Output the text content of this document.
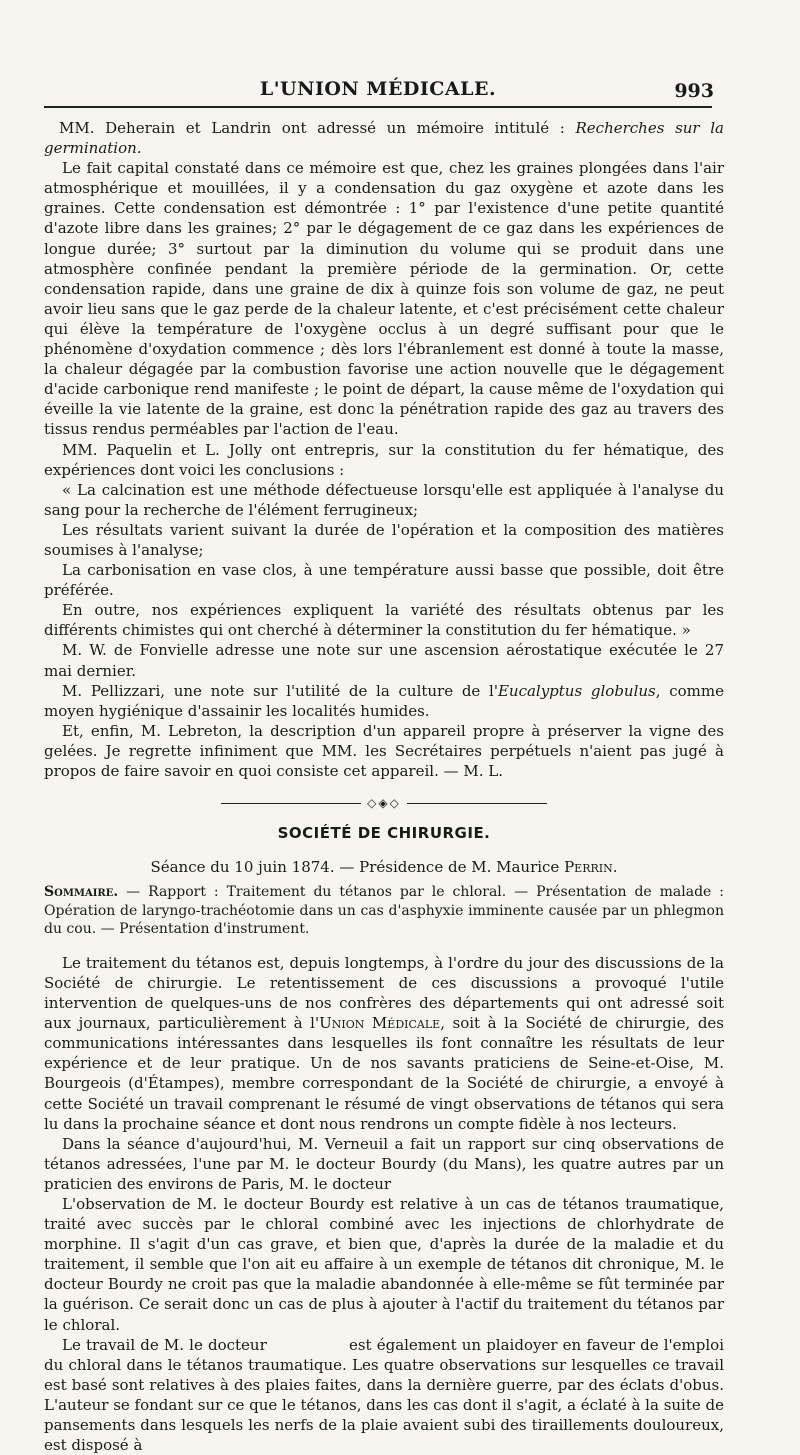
L'UNION MÉDICALE.	993

MM. Deherain et Landrin ont adressé un mémoire intitulé : Recherches sur la germination.

Le fait capital constaté dans ce mémoire est que, chez les graines plongées dans l'air atmosphérique et mouillées, il y a condensation du gaz oxygène et azote dans les graines. Cette condensation est démontrée : 1° par l'existence d'une petite quantité d'azote libre dans les graines; 2° par le dégagement de ce gaz dans les expériences de longue durée; 3° surtout par la diminution du volume qui se produit dans une atmosphère confinée pendant la première période de la germination. Or, cette condensation rapide, dans une graine de dix à quinze fois son volume de gaz, ne peut avoir lieu sans que le gaz perde de la chaleur latente, et c'est précisément cette chaleur qui élève la température de l'oxygène occlus à un degré suffisant pour que le phénomène d'oxydation commence ; dès lors l'ébranlement est donné à toute la masse, la chaleur dégagée par la combustion favorise une action nouvelle que le dégagement d'acide carbonique rend manifeste ; le point de départ, la cause même de l'oxydation qui éveille la vie latente de la graine, est donc la pénétration rapide des gaz au travers des tissus rendus perméables par l'action de l'eau.

MM. Paquelin et L. Jolly ont entrepris, sur la constitution du fer hématique, des expériences dont voici les conclusions :

« La calcination est une méthode défectueuse lorsqu'elle est appliquée à l'analyse du sang pour la recherche de l'élément ferrugineux;

Les résultats varient suivant la durée de l'opération et la composition des matières soumises à l'analyse;

La carbonisation en vase clos, à une température aussi basse que possible, doit être préférée.

En outre, nos expériences expliquent la variété des résultats obtenus par les différents chimistes qui ont cherché à déterminer la constitution du fer hématique. »

M. W. de Fonvielle adresse une note sur une ascension aérostatique exécutée le 27 mai dernier.

M. Pellizzari, une note sur l'utilité de la culture de l'Eucalyptus globulus, comme moyen hygiénique d'assainir les localités humides.

Et, enfin, M. Lebreton, la description d'un appareil propre à préserver la vigne des gelées. Je regrette infiniment que MM. les Secrétaires perpétuels n'aient pas jugé à propos de faire savoir en quoi consiste cet appareil. — M. L.

◇◈◇
SOCIÉTÉ DE CHIRURGIE.
Séance du 10 juin 1874. — Présidence de M. Maurice Perrin.

Sommaire. — Rapport : Traitement du tétanos par le chloral. — Présentation de malade : Opération de laryngo-trachéotomie dans un cas d'asphyxie imminente causée par un phlegmon du cou. — Présentation d'instrument.

Le traitement du tétanos est, depuis longtemps, à l'ordre du jour des discussions de la Société de chirurgie. Le retentissement de ces discussions a provoqué l'utile intervention de quelques-uns de nos confrères des départements qui ont adressé soit aux journaux, particulièrement à l'Union Médicale, soit à la Société de chirurgie, des communications intéressantes dans lesquelles ils font connaître les résultats de leur expérience et de leur pratique. Un de nos savants praticiens de Seine-et-Oise, M. Bourgeois (d'Étampes), membre correspondant de la Société de chirurgie, a envoyé à cette Société un travail comprenant le résumé de vingt observations de tétanos qui sera lu dans la prochaine séance et dont nous rendrons un compte fidèle à nos lecteurs.

Dans la séance d'aujourd'hui, M. Verneuil a fait un rapport sur cinq observations de tétanos adressées, l'une par M. le docteur Bourdy (du Mans), les quatre autres par un praticien des environs de Paris, M. le docteur

L'observation de M. le docteur Bourdy est relative à un cas de tétanos traumatique, traité avec succès par le chloral combiné avec les injections de chlorhydrate de morphine. Il s'agit d'un cas grave, et bien que, d'après la durée de la maladie et du traitement, il semble que l'on ait eu affaire à un exemple de tétanos dit chronique, M. le docteur Bourdy ne croit pas que la maladie abandonnée à elle-même se fût terminée par la guérison. Ce serait donc un cas de plus à ajouter à l'actif du traitement du tétanos par le chloral.

Le travail de M. le docteur                est également un plaidoyer en faveur de l'emploi du chloral dans le tétanos traumatique. Les quatre observations sur lesquelles ce travail est basé sont relatives à des plaies faites, dans la dernière guerre, par des éclats d'obus. L'auteur se fondant sur ce que le tétanos, dans les cas dont il s'agit, a éclaté à la suite de pansements dans lesquels les nerfs de la plaie avaient subi des tiraillements douloureux, est disposé à
